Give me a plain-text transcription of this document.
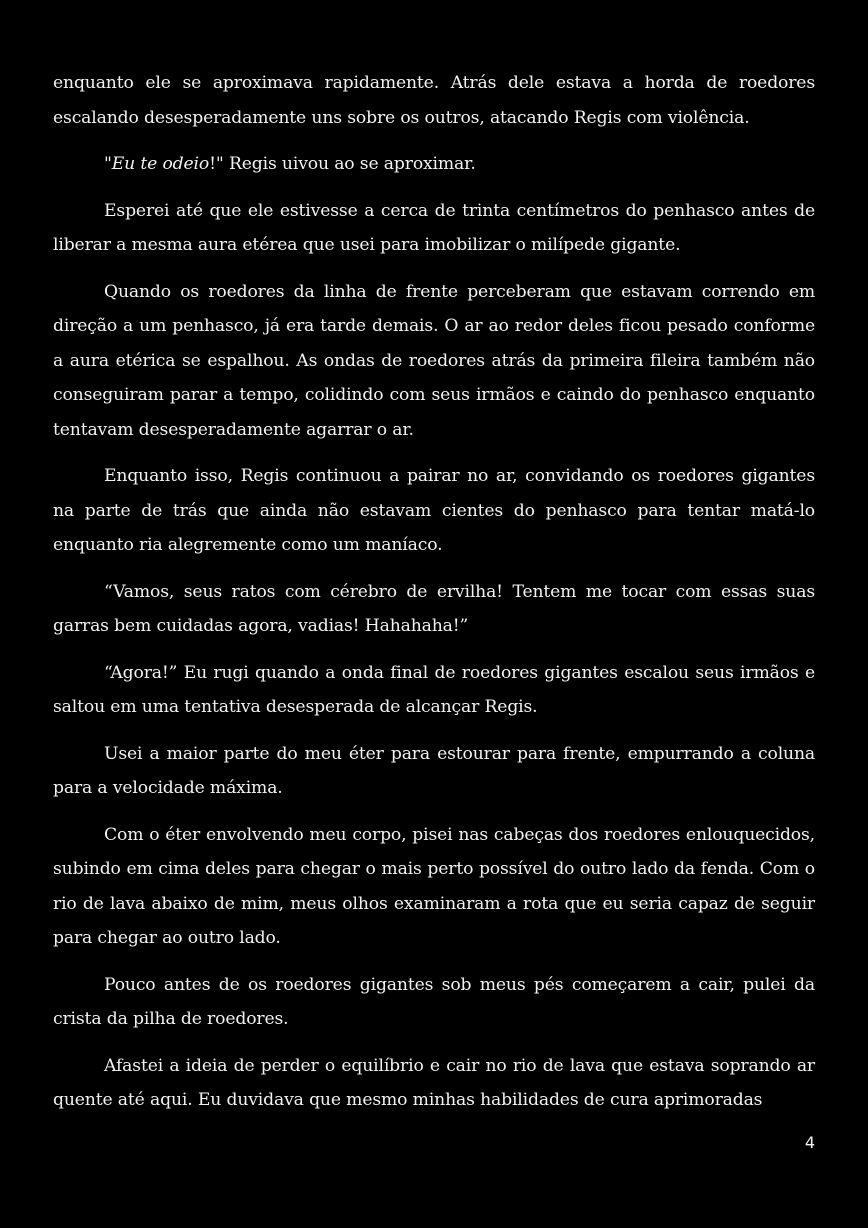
enquanto ele se aproximava rapidamente. Atrás dele estava a horda de roedores escalando desesperadamente uns sobre os outros, atacando Regis com violência.

"Eu te odeio!" Regis uivou ao se aproximar.

Esperei até que ele estivesse a cerca de trinta centímetros do penhasco antes de liberar a mesma aura etérea que usei para imobilizar o milípede gigante.

Quando os roedores da linha de frente perceberam que estavam correndo em direção a um penhasco, já era tarde demais. O ar ao redor deles ficou pesado conforme a aura etérica se espalhou. As ondas de roedores atrás da primeira fileira também não conseguiram parar a tempo, colidindo com seus irmãos e caindo do penhasco enquanto tentavam desesperadamente agarrar o ar.

Enquanto isso, Regis continuou a pairar no ar, convidando os roedores gigantes na parte de trás que ainda não estavam cientes do penhasco para tentar matá-lo enquanto ria alegremente como um maníaco.

“Vamos, seus ratos com cérebro de ervilha! Tentem me tocar com essas suas garras bem cuidadas agora, vadias! Hahahaha!”

“Agora!” Eu rugi quando a onda final de roedores gigantes escalou seus irmãos e saltou em uma tentativa desesperada de alcançar Regis.

Usei a maior parte do meu éter para estourar para frente, empurrando a coluna para a velocidade máxima.

Com o éter envolvendo meu corpo, pisei nas cabeças dos roedores enlouquecidos, subindo em cima deles para chegar o mais perto possível do outro lado da fenda. Com o rio de lava abaixo de mim, meus olhos examinaram a rota que eu seria capaz de seguir para chegar ao outro lado.

Pouco antes de os roedores gigantes sob meus pés começarem a cair, pulei da crista da pilha de roedores.

Afastei a ideia de perder o equilíbrio e cair no rio de lava que estava soprando ar quente até aqui. Eu duvidava que mesmo minhas habilidades de cura aprimoradas

4
